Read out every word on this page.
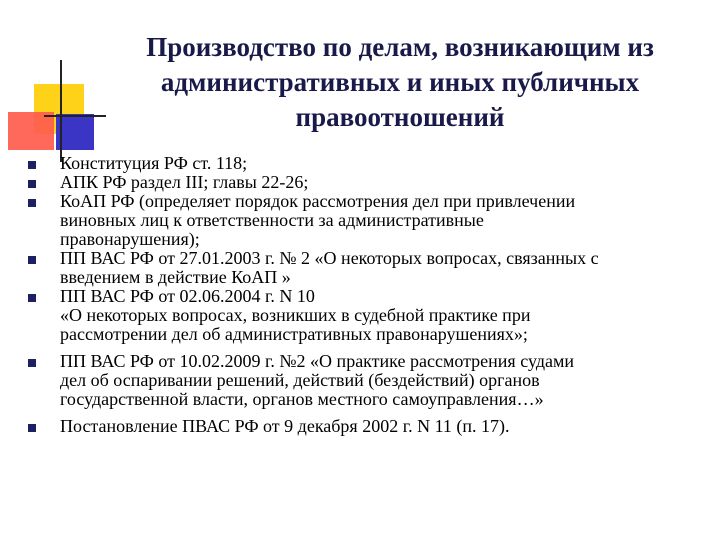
Производство по делам, возникающим из
административных и иных публичных
правоотношений
Конституция РФ ст. 118;
АПК РФ раздел III; главы 22-26;
КоАП РФ (определяет порядок рассмотрения дел при привлечении
виновных лиц к ответственности за административные
правонарушения);
ПП ВАС РФ от 27.01.2003 г. № 2 «О некоторых вопросах, связанных с
введением в действие КоАП »
ПП ВАС РФ от 02.06.2004 г. N 10
«О некоторых вопросах, возникших в судебной практике при
рассмотрении дел об административных правонарушениях»;
ПП ВАС РФ от 10.02.2009 г. №2 «О практике рассмотрения судами
дел об оспаривании решений, действий (бездействий) органов
государственной власти, органов местного самоуправления…»
Постановление ПВАС РФ от 9 декабря 2002 г. N 11 (п. 17).
